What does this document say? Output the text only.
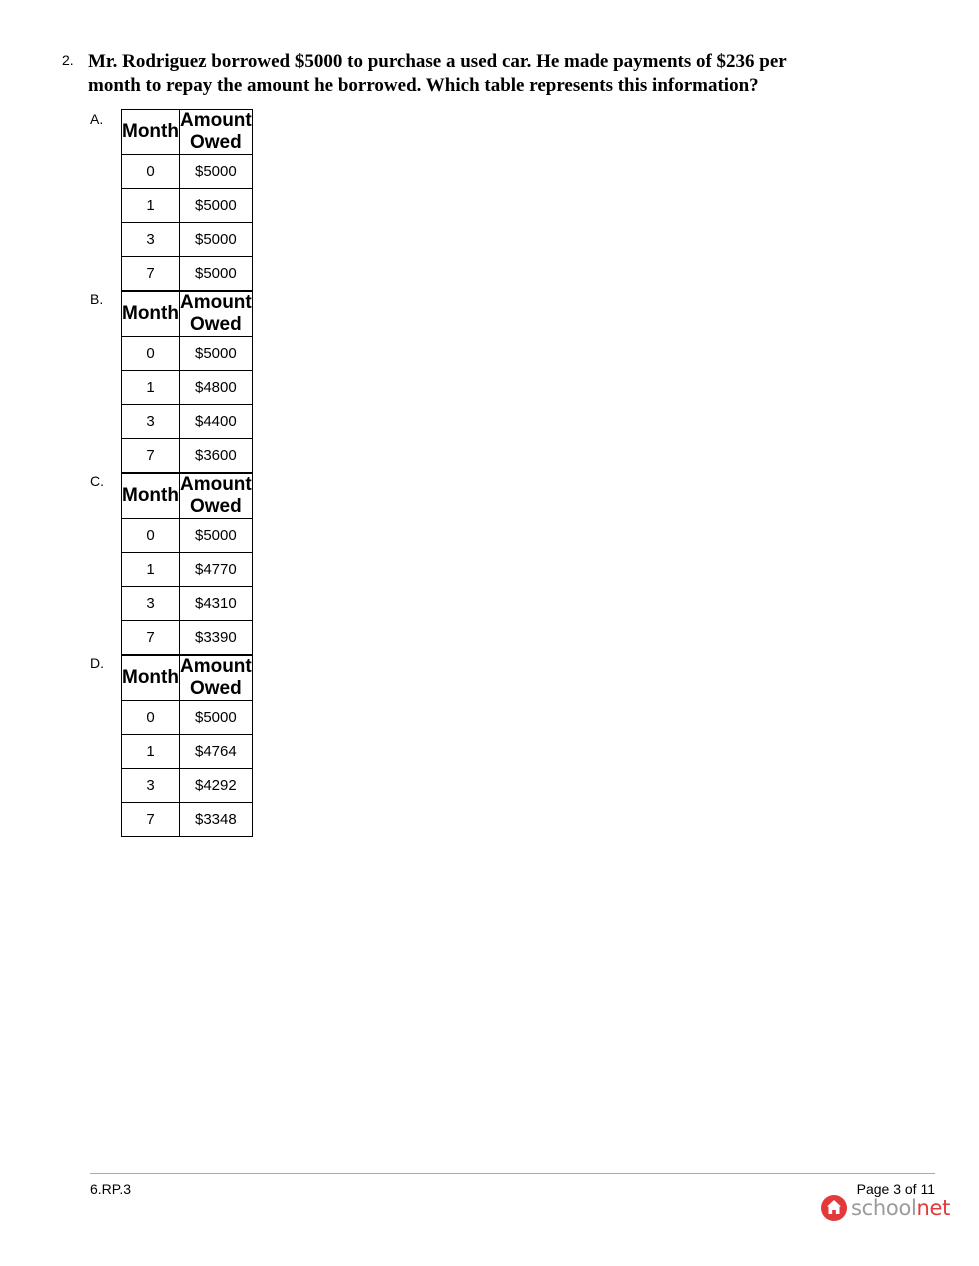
2. Mr. Rodriguez borrowed $5000 to purchase a used car. He made payments of $236 per month to repay the amount he borrowed. Which table represents this information?
A.
Month	Amount Owed
0	$5000
1	$5000
3	$5000
7	$5000
B.
Month	Amount Owed
0	$5000
1	$4800
3	$4400
7	$3600
C.
Month	Amount Owed
0	$5000
1	$4770
3	$4310
7	$3390
D.
Month	Amount Owed
0	$5000
1	$4764
3	$4292
7	$3348
6.RP.3	Page 3 of 11
schoolnet
